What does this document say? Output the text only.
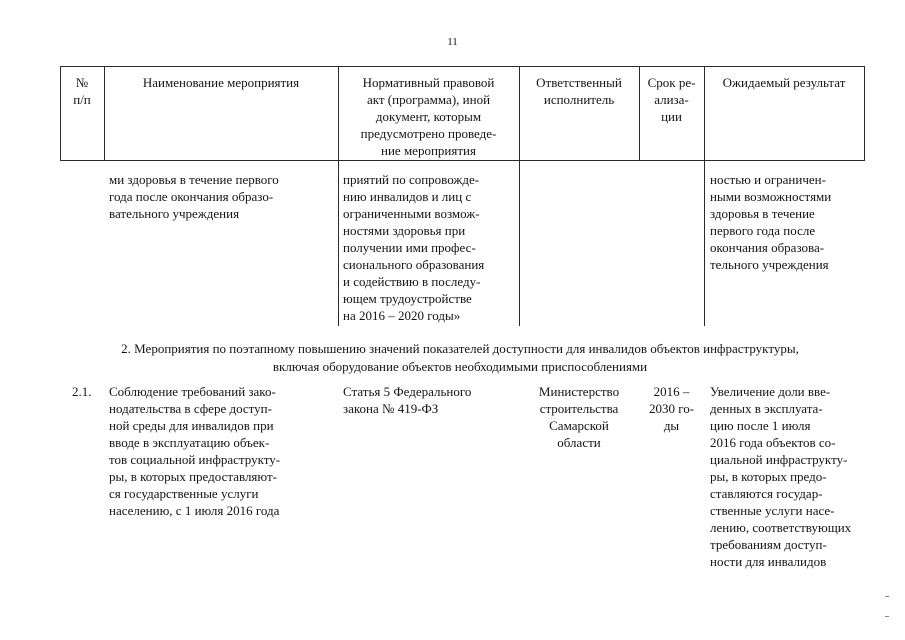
11
№
п/п
Наименование мероприятия	Нормативный правовой
акт (программа), иной
документ, которым
предусмотрено проведе-
ние мероприятия
Ответственный
исполнитель
Срок ре-
ализа-
ции
Ожидаемый результат
ми здоровья в течение первого
года после окончания образо-
вательного учреждения
приятий по сопровожде-
нию инвалидов и лиц с
ограниченными возмож-
ностями здоровья при
получении ими профес-
сионального образования
и содействию в последу-
ющем трудоустройстве
на 2016 – 2020 годы»
ностью и ограничен-
ными возможностями
здоровья в течение
первого года после
окончания образова-
тельного учреждения
2. Мероприятия по поэтапному повышению значений показателей доступности для инвалидов объектов инфраструктуры,
включая оборудование объектов необходимыми приспособлениями
2.1.	Соблюдение требований зако-
нодательства в сфере доступ-
ной среды для инвалидов при
вводе в эксплуатацию объек-
тов социальной инфраструкту-
ры, в которых предоставляют-
ся государственные услуги
населению, с 1 июля 2016 года
Статья 5 Федерального
закона № 419-ФЗ
Министерство
строительства
Самарской
области
2016 –
2030 го-
ды
Увеличение доли вве-
денных в эксплуата-
цию после 1 июля
2016 года объектов со-
циальной инфраструкту-
ры, в которых предо-
ставляются государ-
ственные услуги насе-
лению, соответствующих
требованиям доступ-
ности для инвалидов
